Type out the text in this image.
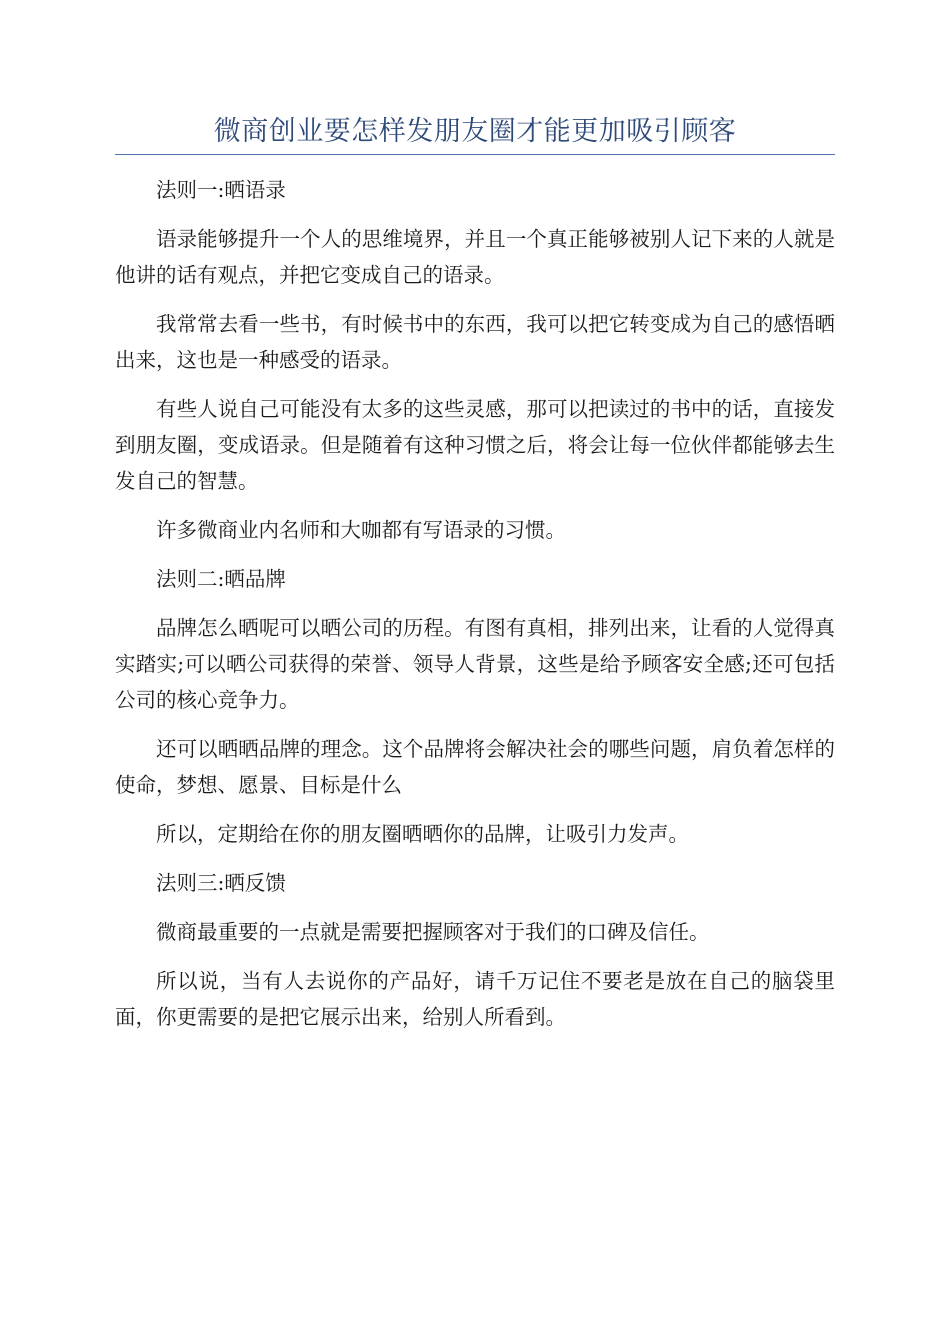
微商创业要怎样发朋友圈才能更加吸引顾客

法则一:晒语录

语录能够提升一个人的思维境界，并且一个真正能够被别人记下来的人就是他讲的话有观点，并把它变成自己的语录。

我常常去看一些书，有时候书中的东西，我可以把它转变成为自己的感悟晒出来，这也是一种感受的语录。

有些人说自己可能没有太多的这些灵感，那可以把读过的书中的话，直接发到朋友圈，变成语录。但是随着有这种习惯之后，将会让每一位伙伴都能够去生发自己的智慧。

许多微商业内名师和大咖都有写语录的习惯。

法则二:晒品牌

品牌怎么晒呢可以晒公司的历程。有图有真相，排列出来，让看的人觉得真实踏实;可以晒公司获得的荣誉、领导人背景，这些是给予顾客安全感;还可包括公司的核心竞争力。

还可以晒晒品牌的理念。这个品牌将会解决社会的哪些问题，肩负着怎样的使命，梦想、愿景、目标是什么

所以，定期给在你的朋友圈晒晒你的品牌，让吸引力发声。

法则三:晒反馈

微商最重要的一点就是需要把握顾客对于我们的口碑及信任。

所以说，当有人去说你的产品好，请千万记住不要老是放在自己的脑袋里面，你更需要的是把它展示出来，给别人所看到。
